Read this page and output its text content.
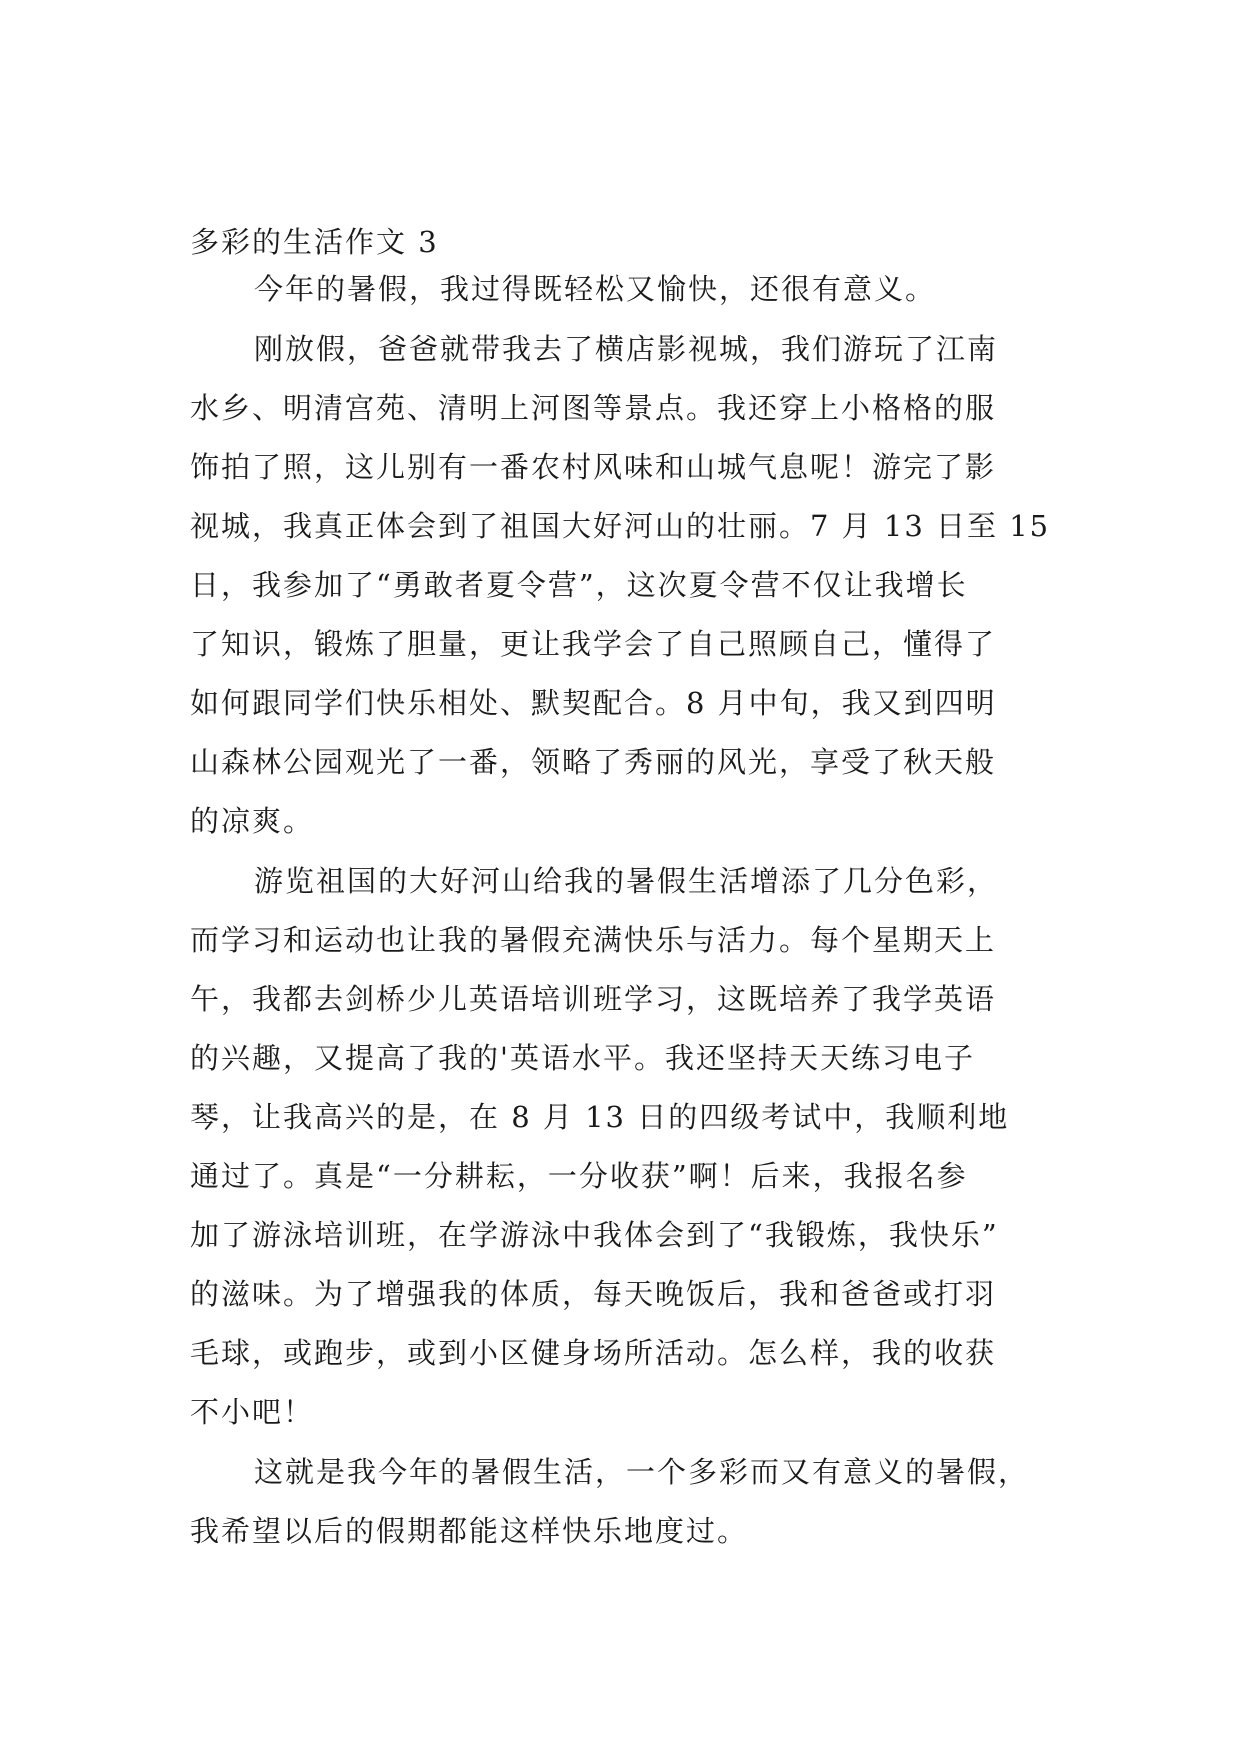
多彩的生活作文 3
今年的暑假，我过得既轻松又愉快，还很有意义。
刚放假，爸爸就带我去了横店影视城，我们游玩了江南
水乡、明清宫苑、清明上河图等景点。我还穿上小格格的服
饰拍了照，这儿别有一番农村风味和山城气息呢！游完了影
视城，我真正体会到了祖国大好河山的壮丽。7 月 13 日至 15
日，我参加了“勇敢者夏令营”，这次夏令营不仅让我增长
了知识，锻炼了胆量，更让我学会了自己照顾自己，懂得了
如何跟同学们快乐相处、默契配合。8 月中旬，我又到四明
山森林公园观光了一番，领略了秀丽的风光，享受了秋天般
的凉爽。
游览祖国的大好河山给我的暑假生活增添了几分色彩，
而学习和运动也让我的暑假充满快乐与活力。每个星期天上
午，我都去剑桥少儿英语培训班学习，这既培养了我学英语
的兴趣，又提高了我的'英语水平。我还坚持天天练习电子
琴，让我高兴的是，在 8 月 13 日的四级考试中，我顺利地
通过了。真是“一分耕耘，一分收获”啊！后来，我报名参
加了游泳培训班，在学游泳中我体会到了“我锻炼，我快乐”
的滋味。为了增强我的体质，每天晚饭后，我和爸爸或打羽
毛球，或跑步，或到小区健身场所活动。怎么样，我的收获
不小吧！
这就是我今年的暑假生活，一个多彩而又有意义的暑假，
我希望以后的假期都能这样快乐地度过。
